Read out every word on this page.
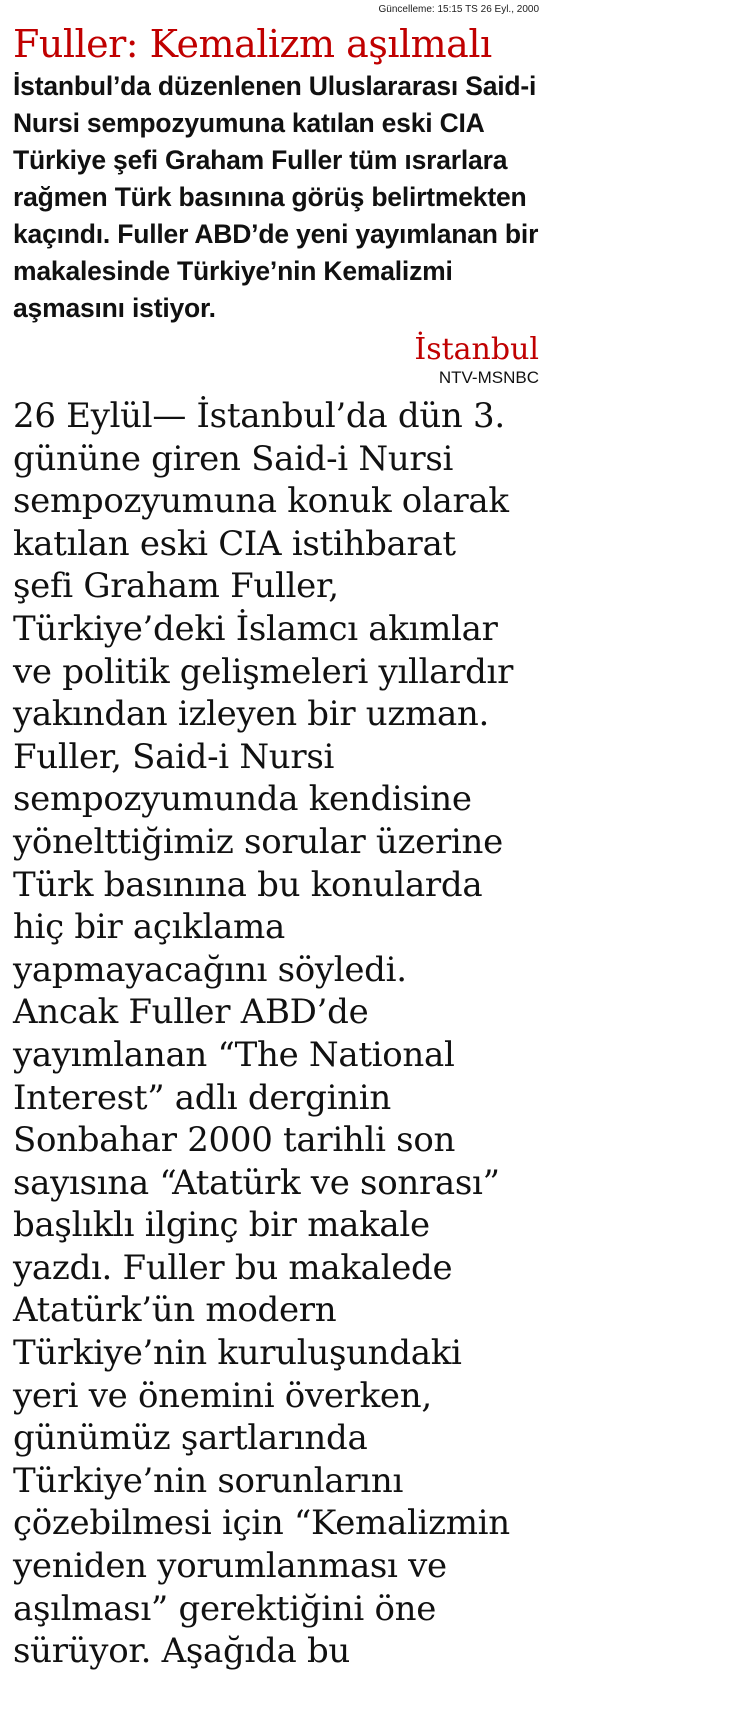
Güncelleme: 15:15 TS 26 Eyl., 2000
Fuller: Kemalizm aşılmalı

İstanbul’da düzenlenen Uluslararası Said-i Nursi sempozyumuna katılan eski CIA Türkiye şefi Graham Fuller tüm ısrarlara rağmen Türk basınına görüş belirtmekten kaçındı. Fuller ABD’de yeni yayımlanan bir makalesinde Türkiye’nin Kemalizmi aşmasını istiyor.

İstanbul
NTV-MSNBC
26 Eylül— İstanbul’da dün 3.
gününe giren Said-i Nursi
sempozyumuna konuk olarak
katılan eski CIA istihbarat
şefi Graham Fuller,
Türkiye’deki İslamcı akımlar
ve politik gelişmeleri yıllardır
yakından izleyen bir uzman.
Fuller, Said-i Nursi
sempozyumunda kendisine
yönelttiğimiz sorular üzerine
Türk basınına bu konularda
hiç bir açıklama
yapmayacağını söyledi.
Ancak Fuller ABD’de
yayımlanan “The National
Interest” adlı derginin
Sonbahar 2000 tarihli son
sayısına “Atatürk ve sonrası”
başlıklı ilginç bir makale
yazdı. Fuller bu makalede
Atatürk’ün modern
Türkiye’nin kuruluşundaki
yeri ve önemini överken,
günümüz şartlarında
Türkiye’nin sorunlarını
çözebilmesi için “Kemalizmin
yeniden yorumlanması ve
aşılması” gerektiğini öne
sürüyor. Aşağıda bu
